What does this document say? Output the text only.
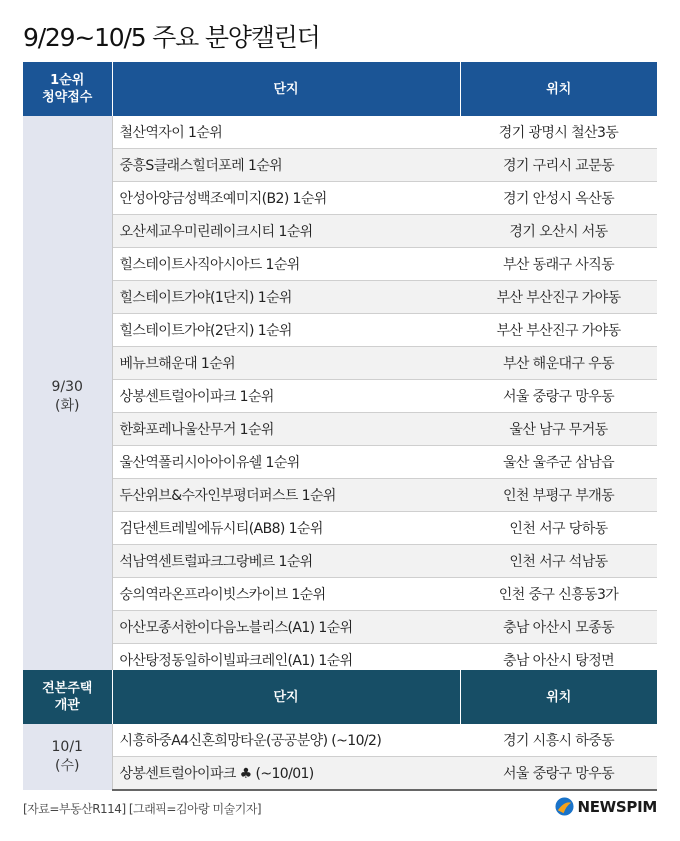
9/29~10/5 주요 분양캘린더
1순위
청약접수	단지	위치
9/30
(화)	철산역자이 1순위	경기 광명시 철산3동
	중흥S클래스힐더포레 1순위	경기 구리시 교문동
	안성아양금성백조예미지(B2) 1순위	경기 안성시 옥산동
	오산세교우미린레이크시티 1순위	경기 오산시 서동
	힐스테이트사직아시아드 1순위	부산 동래구 사직동
	힐스테이트가야(1단지) 1순위	부산 부산진구 가야동
	힐스테이트가야(2단지) 1순위	부산 부산진구 가야동
	베뉴브해운대 1순위	부산 해운대구 우동
	상봉센트럴아이파크 1순위	서울 중랑구 망우동
	한화포레나울산무거 1순위	울산 남구 무거동
	울산역폴리시아아이유쉘 1순위	울산 울주군 삼남읍
	두산위브&수자인부평더퍼스트 1순위	인천 부평구 부개동
	검단센트레빌에듀시티(AB8) 1순위	인천 서구 당하동
	석남역센트럴파크그랑베르 1순위	인천 서구 석남동
	숭의역라온프라이빗스카이브 1순위	인천 중구 신흥동3가
	아산모종서한이다음노블리스(A1) 1순위	충남 아산시 모종동
	아산탕정동일하이빌파크레인(A1) 1순위	충남 아산시 탕정면
견본주택
개관	단지	위치
10/1
(수)	시흥하중A4신혼희망타운(공공분양) (~10/2)	경기 시흥시 하중동
	상봉센트럴아이파크 ♣ (~10/01)	서울 중랑구 망우동
[자료=부동산R114] [그래픽=김아랑 미술기자]	NEWSPIM
